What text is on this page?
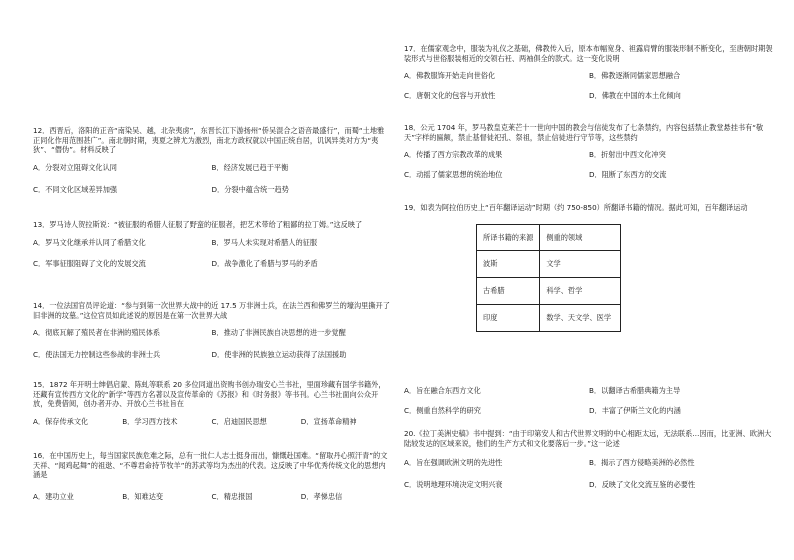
12．西晋后，洛阳的正音“南染吴、越，北杂夷虏”，东晋长江下游扬州“侨吴混合之语音最盛行”，而蜀“土地雅正同化作用范围甚广”。南北朝时期，夷夏之辨尤为激烈，南北方政权就以中国正统自居，讥讽异类对方为“夷狄”、“僭伪”。材料反映了
A．分裂对立阻碍文化认同	B．经济发展已趋于平衡
C．不同文化区域差异加强	D．分裂中蕴含统一趋势
13．罗马诗人贺拉斯说：“被征服的希腊人征服了野蛮的征服者，把艺术带给了粗鄙的拉丁姆。”这反映了
A．罗马文化继承并认同了希腊文化	B．罗马人未实现对希腊人的征服
C．军事征服阻碍了文化的发展交流	D．战争激化了希腊与罗马的矛盾
14．一位法国官员评论道：“参与到第一次世界大战中的近 17.5 万非洲士兵，在法兰西和佛罗兰的壕沟里撕开了旧非洲的坟墓。”这位官员如此述说的原因是在第一次世界大战
A．彻底瓦解了殖民者在非洲的殖民体系	B．推动了非洲民族自决思想的进一步觉醒
C．使法国无力控制这些参战的非洲士兵	D．使非洲的民族独立运动获得了法国援助
15．1872 年开明士绅倡启蒙、陈虬等联系 20 多位同道出资购书创办瑞安心兰书社，里面珍藏有国学书籍外，还藏有宣传西方文化的“新学”等西方名著以及宣传革命的《苏报》和《时务报》等书刊。心兰书社面向公众开放，免费借阅，创办者开办、开放心兰书社旨在
A．保存传承文化	B．学习西方技术	C．启迪国民思想	D．宣扬革命精神
16．在中国历史上，每当国家民族危难之际，总有一批仁人志士挺身而出，慷慨赴国难。“留取丹心照汗青”的文天祥、“闻鸡起舞”的祖逖、“不尊君命持节牧羊”的苏武等均为杰出的代表。这反映了中华优秀传统文化的思想内涵是
A．建功立业	B．知难达变	C．精忠报国	D．孝悌忠信
17．在儒家观念中，服装为礼仪之基础，佛教传入后，原本布幅宽身、袒露肩臂的服装形制不断变化，至唐朝时期袈裟形式与世俗服装相近的交领右衽、两袖俱全的款式。这一变化说明
A．佛教服饰开始走向世俗化	B．佛教逐渐同儒家思想融合
C．唐朝文化的包容与开放性	D．佛教在中国的本土化倾向
18．公元 1704 年，罗马教皇克莱芒十一世向中国的教会与信徒发布了七条禁约，内容包括禁止教堂悬挂书有“敬天”字样的匾额，禁止基督徒祀孔、祭祖，禁止信徒进行守节等，这些禁约
A．传播了西方宗教改革的成果	B．折射出中西文化冲突
C．动摇了儒家思想的统治地位	D．阻断了东西方的交流
19．如表为阿拉伯历史上“百年翻译运动”时期（约 750-850）所翻译书籍的情况。据此可知，百年翻译运动
所译书籍的来源	侧重的领域
波斯	文学
古希腊	科学、哲学
印度	数学、天文学、医学
A．旨在融合东西方文化	B．以翻译古希腊典籍为主导
C．侧重自然科学的研究	D．丰富了伊斯兰文化的内涵
20.《拉丁美洲史稿》书中提到：“由于印第安人和古代世界文明的中心相距太远，无法联系…因而，比亚洲、欧洲大陆较发达的区域来说，他们的生产方式和文化要落后一步。”这一论述
A．旨在强调欧洲文明的先进性	B．揭示了西方侵略美洲的必然性
C．说明地理环境决定文明兴衰	D．反映了文化交流互鉴的必要性
